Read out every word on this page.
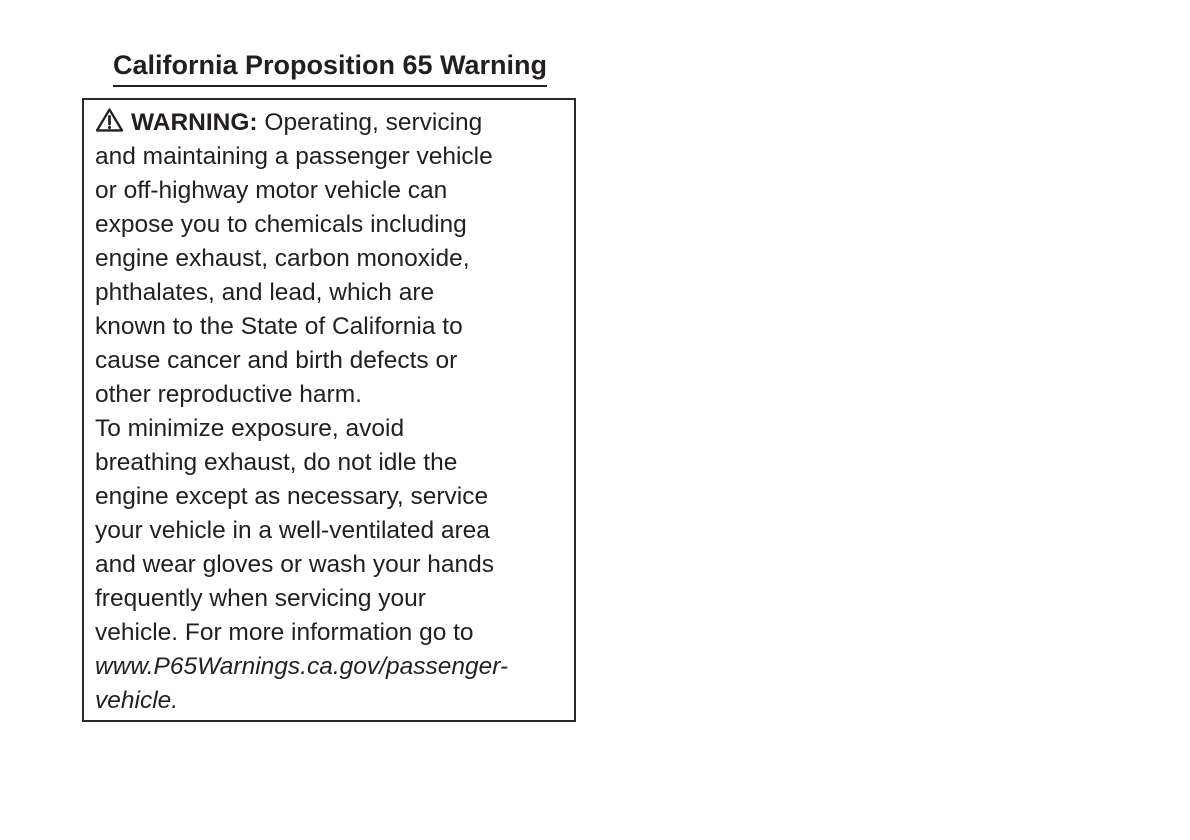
California Proposition 65 Warning
WARNING: Operating, servicing
and maintaining a passenger vehicle
or off-highway motor vehicle can
expose you to chemicals including
engine exhaust, carbon monoxide,
phthalates, and lead, which are
known to the State of California to
cause cancer and birth defects or
other reproductive harm.
To minimize exposure, avoid
breathing exhaust, do not idle the
engine except as necessary, service
your vehicle in a well-ventilated area
and wear gloves or wash your hands
frequently when servicing your
vehicle. For more information go to
www.P65Warnings.ca.gov/passenger-
vehicle.
